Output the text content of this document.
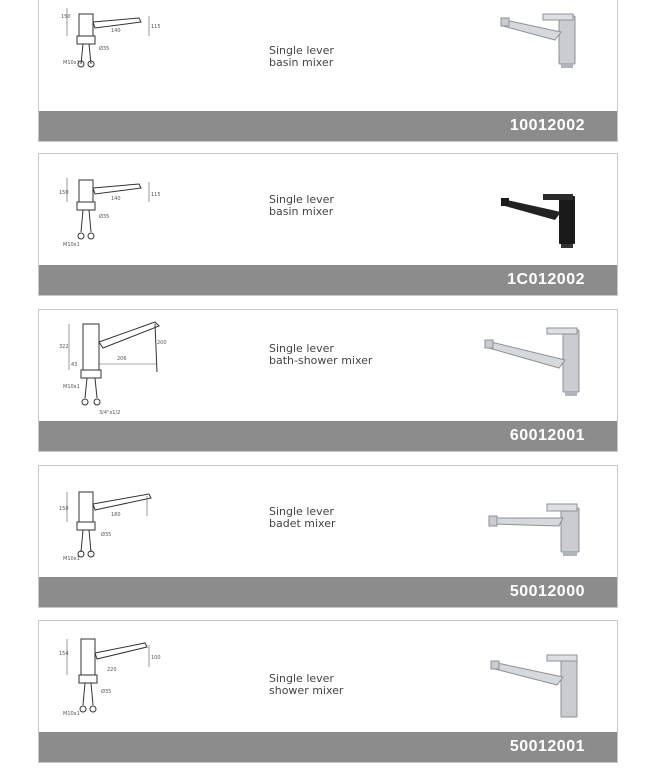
150
115
140
Ø35
M10x1
Single lever
basin mixer
10012002
150	115
140
Ø35
M10x1
Single lever
basin mixer
1C012002
322
206
43
200
M10x1
3/4"x1/2
Single lever
bath-shower mixer
60012001
150
180
Ø35
M10x1
Single lever
badet mixer
50012000
154
220
100
Ø35
M10x1
Single lever
shower mixer
50012001
